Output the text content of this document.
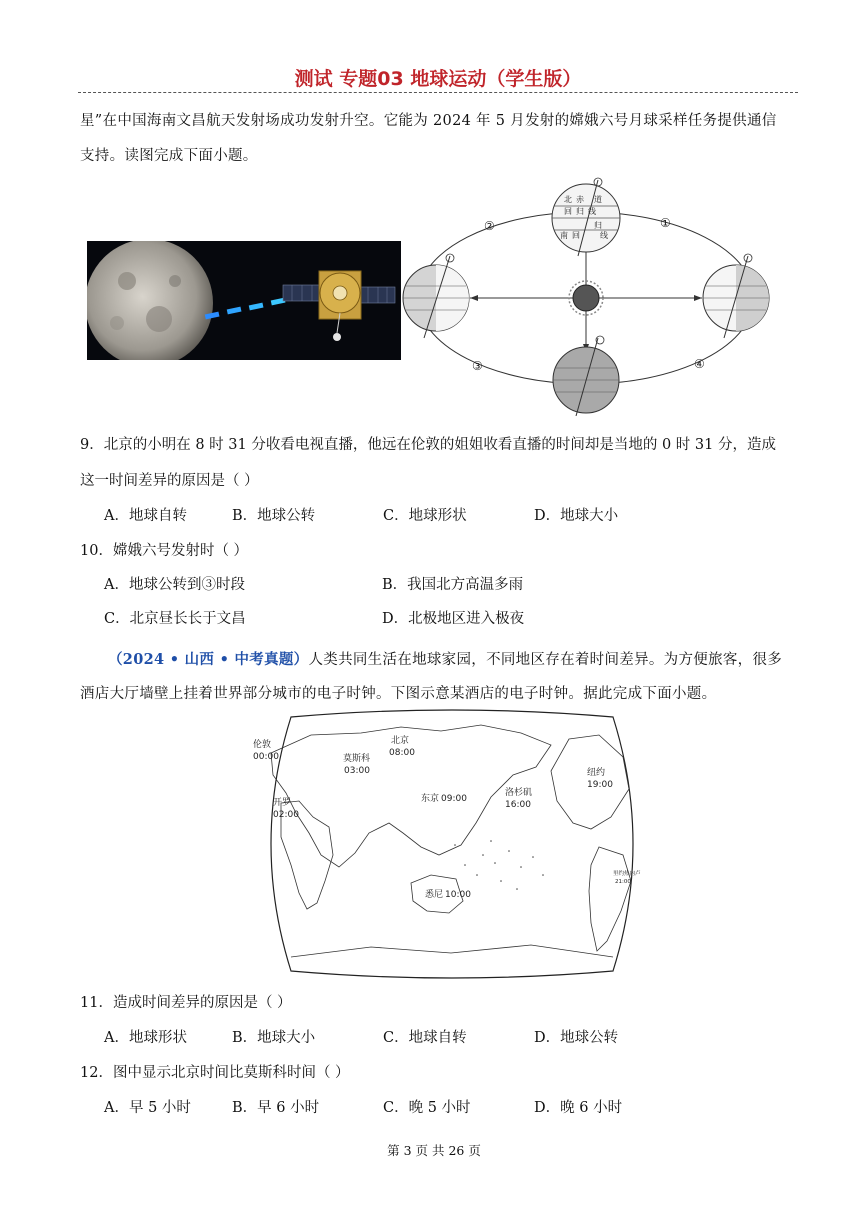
测试 专题03 地球运动（学生版）
星”在中国海南文昌航天发射场成功发射升空。它能为 2024 年 5 月发射的嫦娥六号月球采样任务提供通信
支持。读图完成下面小题。
北
回 归 线
赤 道
南 回
归
线
①
②
③	④
9．北京的小明在 8 时 31 分收看电视直播，他远在伦敦的姐姐收看直播的时间却是当地的 0 时 31 分，造成
这一时间差异的原因是（ ）
A．地球自转	B．地球公转	C．地球形状	D．地球大小
10．嫦娥六号发射时（ ）
A．地球公转到③时段	B．我国北方高温多雨
C．北京昼长长于文昌	D．北极地区进入极夜
（2024 • 山西 • 中考真题）人类共同生活在地球家园，不同地区存在着时间差异。为方便旅客，很多
酒店大厅墙壁上挂着世界部分城市的电子时钟。下图示意某酒店的电子时钟。据此完成下面小题。
伦敦
00:00	莫斯科
03:00
北京
08:00
东京 09:00
开罗
02:00
洛杉矶
16:00
纽约
19:00
里约热内卢
21:00
悉尼 10:00
11．造成时间差异的原因是（ ）
A．地球形状	B．地球大小	C．地球自转	D．地球公转
12．图中显示北京时间比莫斯科时间（ ）
A．早 5 小时	B．早 6 小时	C．晚 5 小时	D．晚 6 小时
第 3 页 共 26 页
